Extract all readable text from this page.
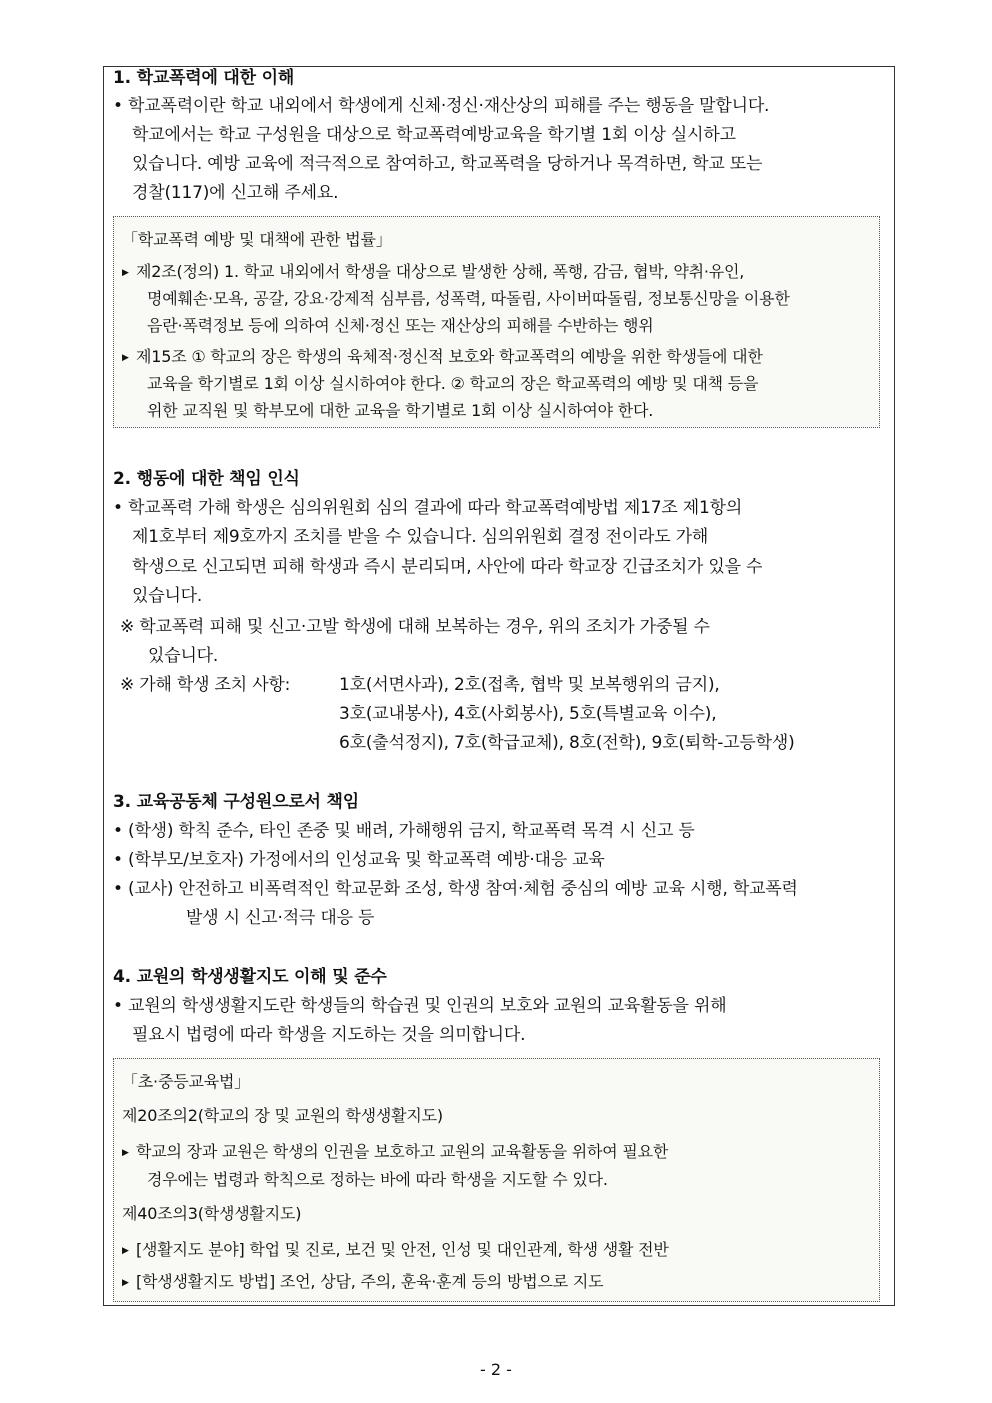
1. 학교폭력에 대한 이해
• 학교폭력이란 학교 내외에서 학생에게 신체·정신·재산상의 피해를 주는 행동을 말합니다.
학교에서는 학교 구성원을 대상으로 학교폭력예방교육을 학기별 1회 이상 실시하고
있습니다. 예방 교육에 적극적으로 참여하고, 학교폭력을 당하거나 목격하면, 학교 또는
경찰(117)에 신고해 주세요.
「학교폭력 예방 및 대책에 관한 법률」
▶ 제2조(정의) 1. 학교 내외에서 학생을 대상으로 발생한 상해, 폭행, 감금, 협박, 약취·유인,
명예훼손·모욕, 공갈, 강요·강제적 심부름, 성폭력, 따돌림, 사이버따돌림, 정보통신망을 이용한
음란·폭력정보 등에 의하여 신체·정신 또는 재산상의 피해를 수반하는 행위
▶ 제15조 ① 학교의 장은 학생의 육체적·정신적 보호와 학교폭력의 예방을 위한 학생들에 대한
교육을 학기별로 1회 이상 실시하여야 한다. ② 학교의 장은 학교폭력의 예방 및 대책 등을
위한 교직원 및 학부모에 대한 교육을 학기별로 1회 이상 실시하여야 한다.
2. 행동에 대한 책임 인식
• 학교폭력 가해 학생은 심의위원회 심의 결과에 따라 학교폭력예방법 제17조 제1항의
제1호부터 제9호까지 조치를 받을 수 있습니다. 심의위원회 결정 전이라도 가해
학생으로 신고되면 피해 학생과 즉시 분리되며, 사안에 따라 학교장 긴급조치가 있을 수
있습니다.
※ 학교폭력 피해 및 신고·고발 학생에 대해 보복하는 경우, 위의 조치가 가중될 수
있습니다.
※ 가해 학생 조치 사항:	1호(서면사과), 2호(접촉, 협박 및 보복행위의 금지),
3호(교내봉사), 4호(사회봉사), 5호(특별교육 이수),
6호(출석정지), 7호(학급교체), 8호(전학), 9호(퇴학-고등학생)
3. 교육공동체 구성원으로서 책임
• (학생) 학칙 준수, 타인 존중 및 배려, 가해행위 금지, 학교폭력 목격 시 신고 등
• (학부모/보호자) 가정에서의 인성교육 및 학교폭력 예방·대응 교육
• (교사) 안전하고 비폭력적인 학교문화 조성, 학생 참여·체험 중심의 예방 교육 시행, 학교폭력
발생 시 신고·적극 대응 등
4. 교원의 학생생활지도 이해 및 준수
• 교원의 학생생활지도란 학생들의 학습권 및 인권의 보호와 교원의 교육활동을 위해
필요시 법령에 따라 학생을 지도하는 것을 의미합니다.
「초·중등교육법」
제20조의2(학교의 장 및 교원의 학생생활지도)
▶ 학교의 장과 교원은 학생의 인권을 보호하고 교원의 교육활동을 위하여 필요한
경우에는 법령과 학칙으로 정하는 바에 따라 학생을 지도할 수 있다.
제40조의3(학생생활지도)
▶ [생활지도 분야] 학업 및 진로, 보건 및 안전, 인성 및 대인관계, 학생 생활 전반
▶ [학생생활지도 방법] 조언, 상담, 주의, 훈육·훈계 등의 방법으로 지도
- 2 -
